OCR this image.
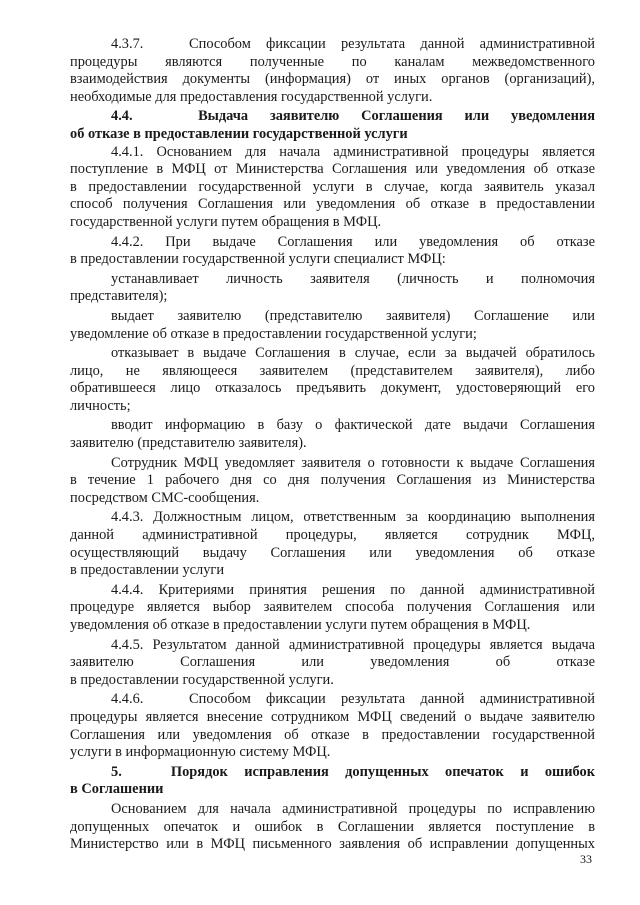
4.3.7.   Способом фиксации результата данной административной
процедуры являются полученные по каналам межведомственного
взаимодействия документы (информация) от иных органов (организаций),
необходимые для предоставления государственной услуги.
4.4.   Выдача заявителю Соглашения или уведомления
об отказе в предоставлении государственной услуги
4.4.1. Основанием для начала административной процедуры является
поступление в МФЦ от Министерства Соглашения или уведомления об отказе
в предоставлении государственной услуги в случае, когда заявитель указал
способ получения Соглашения или уведомления об отказе в предоставлении
государственной услуги путем обращения в МФЦ.
4.4.2. При выдаче Соглашения или уведомления об отказе
в предоставлении государственной услуги специалист МФЦ:
устанавливает личность заявителя (личность и полномочия
представителя);
выдает заявителю (представителю заявителя) Соглашение или
уведомление об отказе в предоставлении государственной услуги;
отказывает в выдаче Соглашения в случае, если за выдачей обратилось
лицо, не являющееся заявителем (представителем заявителя), либо
обратившееся лицо отказалось предъявить документ, удостоверяющий его
личность;
вводит информацию в базу о фактической дате выдачи Соглашения
заявителю (представителю заявителя).
Сотрудник МФЦ уведомляет заявителя о готовности к выдаче Соглашения
в течение 1 рабочего дня со дня получения Соглашения из Министерства
посредством СМС-сообщения.
4.4.3. Должностным лицом, ответственным за координацию выполнения
данной административной процедуры, является сотрудник МФЦ,
осуществляющий выдачу Соглашения или уведомления об отказе
в предоставлении услуги
4.4.4. Критериями принятия решения по данной административной
процедуре является выбор заявителем способа получения Соглашения или
уведомления об отказе в предоставлении услуги путем обращения в МФЦ.
4.4.5. Результатом данной административной процедуры является выдача
заявителю Соглашения или уведомления об отказе
в предоставлении государственной услуги.
4.4.6.   Способом фиксации результата данной административной
процедуры является внесение сотрудником МФЦ сведений о выдаче заявителю
Соглашения или уведомления об отказе в предоставлении государственной
услуги в информационную систему МФЦ.
5.   Порядок исправления допущенных опечаток и ошибок
в Соглашении
Основанием для начала административной процедуры по исправлению
допущенных опечаток и ошибок в Соглашении является поступление в
Министерство или в МФЦ письменного заявления об исправлении допущенных
33
